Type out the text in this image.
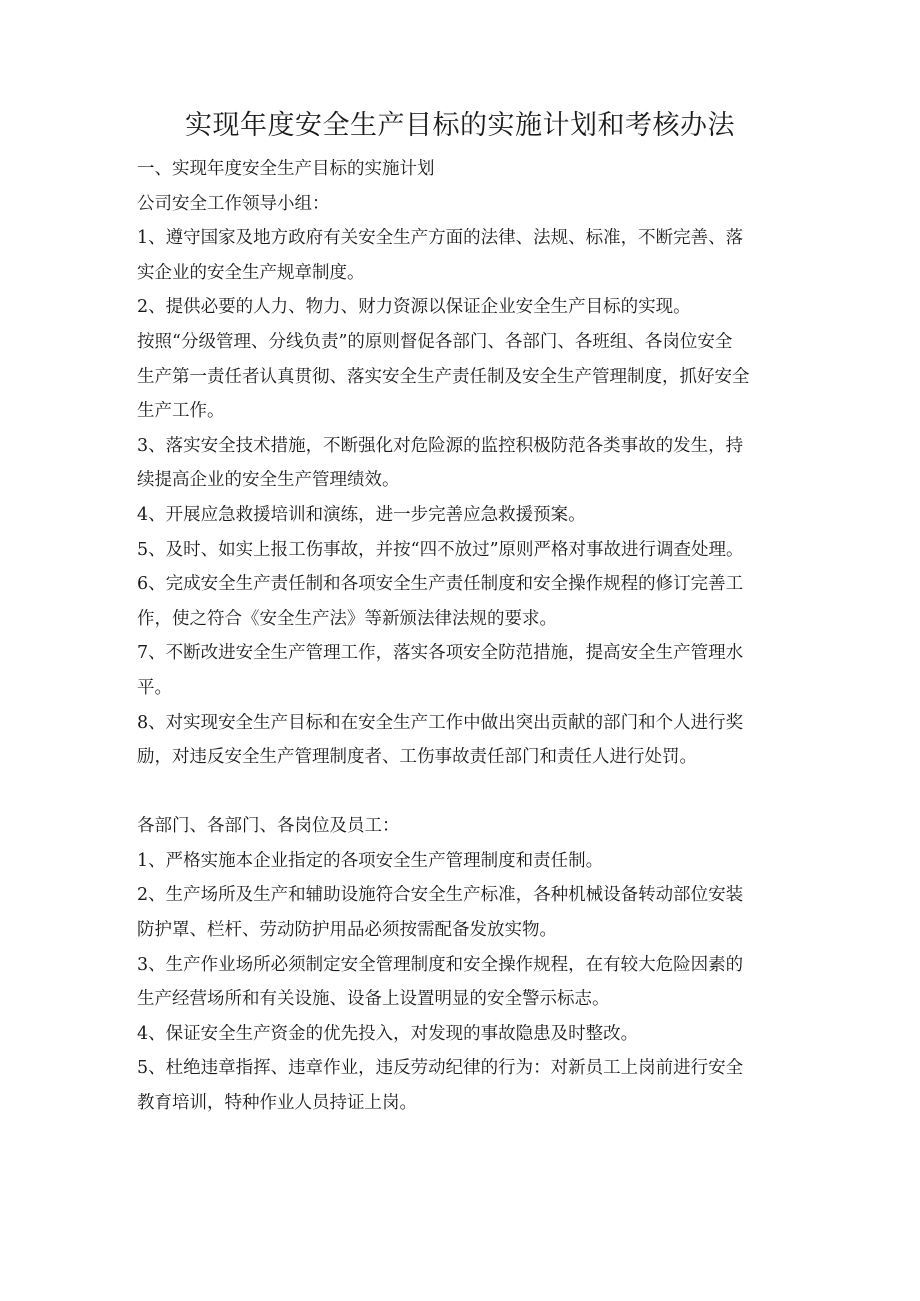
实现年度安全生产目标的实施计划和考核办法

一、实现年度安全生产目标的实施计划

公司安全工作领导小组：

1、遵守国家及地方政府有关安全生产方面的法律、法规、标准，不断完善、落

实企业的安全生产规章制度。

2、提供必要的人力、物力、财力资源以保证企业安全生产目标的实现。

按照“分级管理、分线负责”的原则督促各部门、各部门、各班组、各岗位安全

生产第一责任者认真贯彻、落实安全生产责任制及安全生产管理制度，抓好安全

生产工作。

3、落实安全技术措施，不断强化对危险源的监控积极防范各类事故的发生，持

续提高企业的安全生产管理绩效。

4、开展应急救援培训和演练，进一步完善应急救援预案。

5、及时、如实上报工伤事故，并按“四不放过”原则严格对事故进行调查处理。

6、完成安全生产责任制和各项安全生产责任制度和安全操作规程的修订完善工

作，使之符合《安全生产法》等新颁法律法规的要求。

7、不断改进安全生产管理工作，落实各项安全防范措施，提高安全生产管理水

平。

8、对实现安全生产目标和在安全生产工作中做出突出贡献的部门和个人进行奖

励，对违反安全生产管理制度者、工伤事故责任部门和责任人进行处罚。

各部门、各部门、各岗位及员工：

1、严格实施本企业指定的各项安全生产管理制度和责任制。

2、生产场所及生产和辅助设施符合安全生产标准，各种机械设备转动部位安装

防护罩、栏杆、劳动防护用品必须按需配备发放实物。

3、生产作业场所必须制定安全管理制度和安全操作规程，在有较大危险因素的

生产经营场所和有关设施、设备上设置明显的安全警示标志。

4、保证安全生产资金的优先投入，对发现的事故隐患及时整改。

5、杜绝违章指挥、违章作业，违反劳动纪律的行为：对新员工上岗前进行安全

教育培训，特种作业人员持证上岗。
